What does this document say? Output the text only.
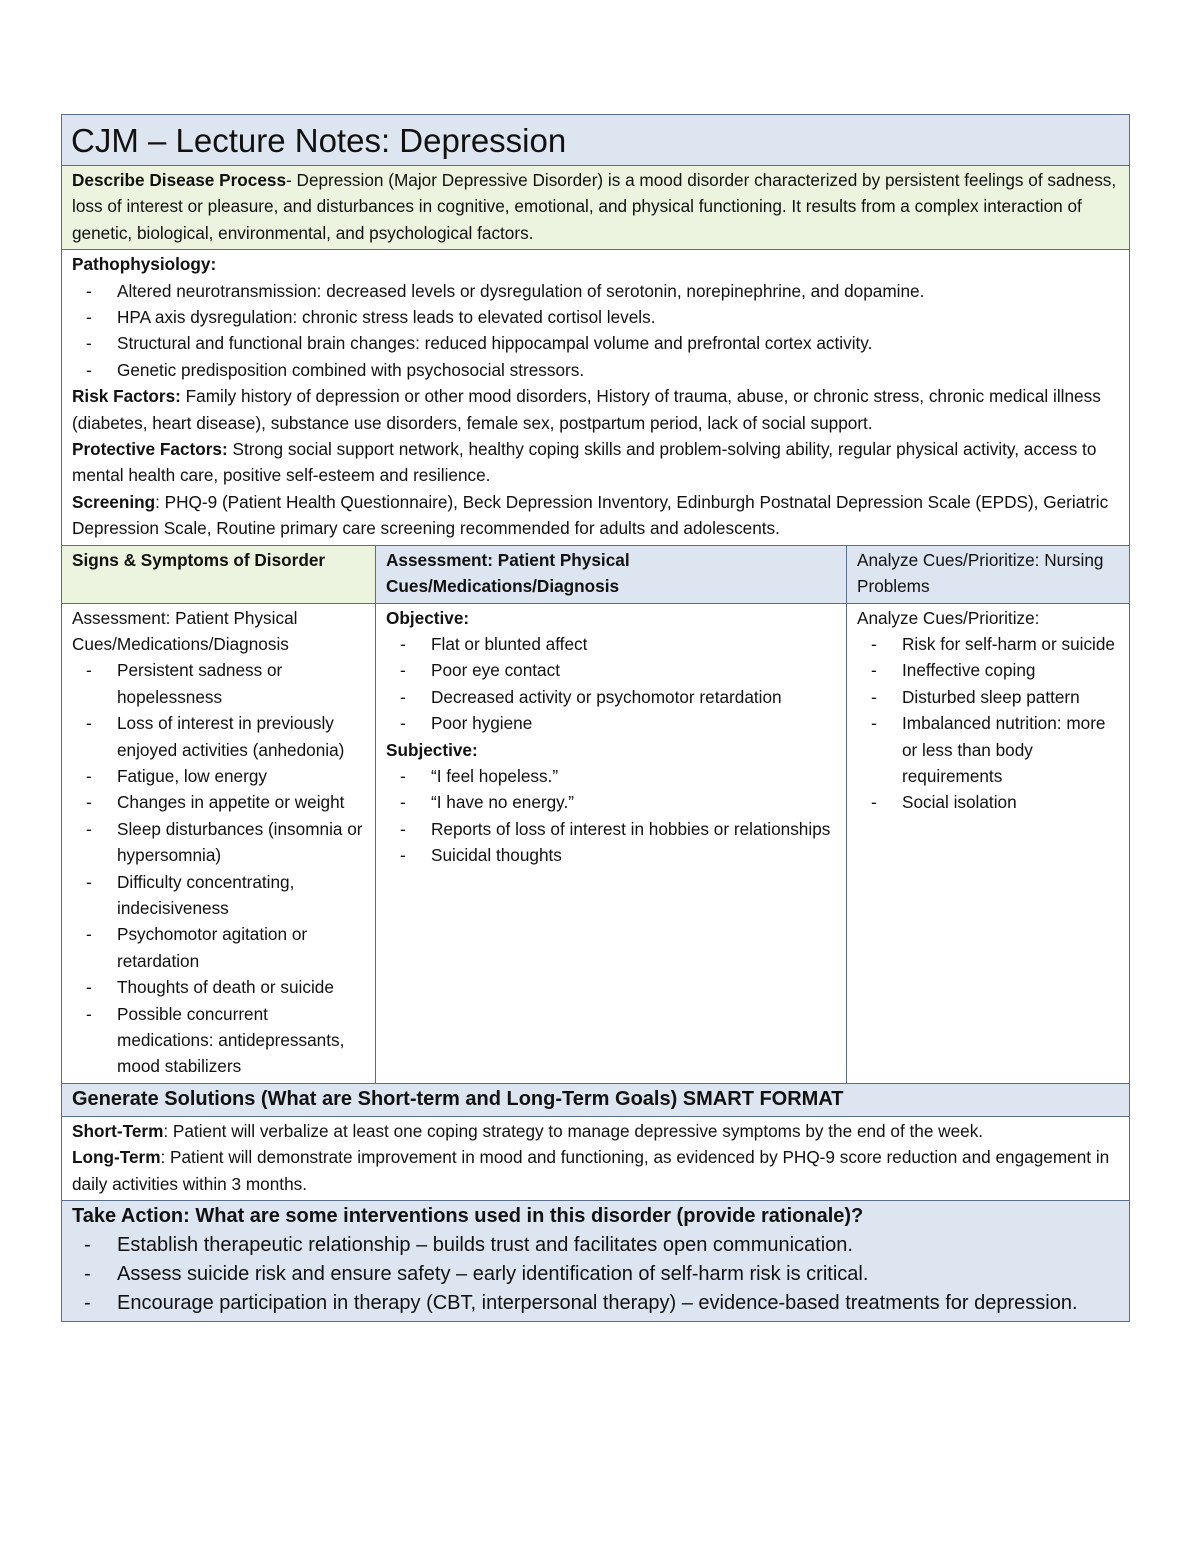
CJM – Lecture Notes: Depression
Describe Disease Process- Depression (Major Depressive Disorder) is a mood disorder characterized by persistent feelings of sadness, loss of interest or pleasure, and disturbances in cognitive, emotional, and physical functioning. It results from a complex interaction of genetic, biological, environmental, and psychological factors.
Pathophysiology:
- Altered neurotransmission: decreased levels or dysregulation of serotonin, norepinephrine, and dopamine.
- HPA axis dysregulation: chronic stress leads to elevated cortisol levels.
- Structural and functional brain changes: reduced hippocampal volume and prefrontal cortex activity.
- Genetic predisposition combined with psychosocial stressors.
Risk Factors: Family history of depression or other mood disorders, History of trauma, abuse, or chronic stress, chronic medical illness (diabetes, heart disease), substance use disorders, female sex, postpartum period, lack of social support.
Protective Factors: Strong social support network, healthy coping skills and problem-solving ability, regular physical activity, access to mental health care, positive self-esteem and resilience.
Screening: PHQ-9 (Patient Health Questionnaire), Beck Depression Inventory, Edinburgh Postnatal Depression Scale (EPDS), Geriatric Depression Scale, Routine primary care screening recommended for adults and adolescents.
Signs & Symptoms of Disorder	Assessment: Patient Physical Cues/Medications/Diagnosis
Analyze Cues/Prioritize: Nursing Problems
Assessment: Patient Physical Cues/Medications/Diagnosis
- Persistent sadness or hopelessness
- Loss of interest in previously enjoyed activities (anhedonia)
- Fatigue, low energy
- Changes in appetite or weight
- Sleep disturbances (insomnia or hypersomnia)
- Difficulty concentrating, indecisiveness
- Psychomotor agitation or retardation
- Thoughts of death or suicide
- Possible concurrent medications: antidepressants, mood stabilizers
Objective:
- Flat or blunted affect
- Poor eye contact
- Decreased activity or psychomotor retardation
- Poor hygiene
Subjective:
- “I feel hopeless.”
- “I have no energy.”
- Reports of loss of interest in hobbies or relationships
- Suicidal thoughts
Analyze Cues/Prioritize:
- Risk for self-harm or suicide
- Ineffective coping
- Disturbed sleep pattern
- Imbalanced nutrition: more or less than body requirements
- Social isolation
Generate Solutions (What are Short-term and Long-Term Goals) SMART FORMAT
Short-Term: Patient will verbalize at least one coping strategy to manage depressive symptoms by the end of the week.
Long-Term: Patient will demonstrate improvement in mood and functioning, as evidenced by PHQ-9 score reduction and engagement in daily activities within 3 months.
Take Action: What are some interventions used in this disorder (provide rationale)?
- Establish therapeutic relationship – builds trust and facilitates open communication.
- Assess suicide risk and ensure safety – early identification of self-harm risk is critical.
- Encourage participation in therapy (CBT, interpersonal therapy) – evidence-based treatments for depression.
